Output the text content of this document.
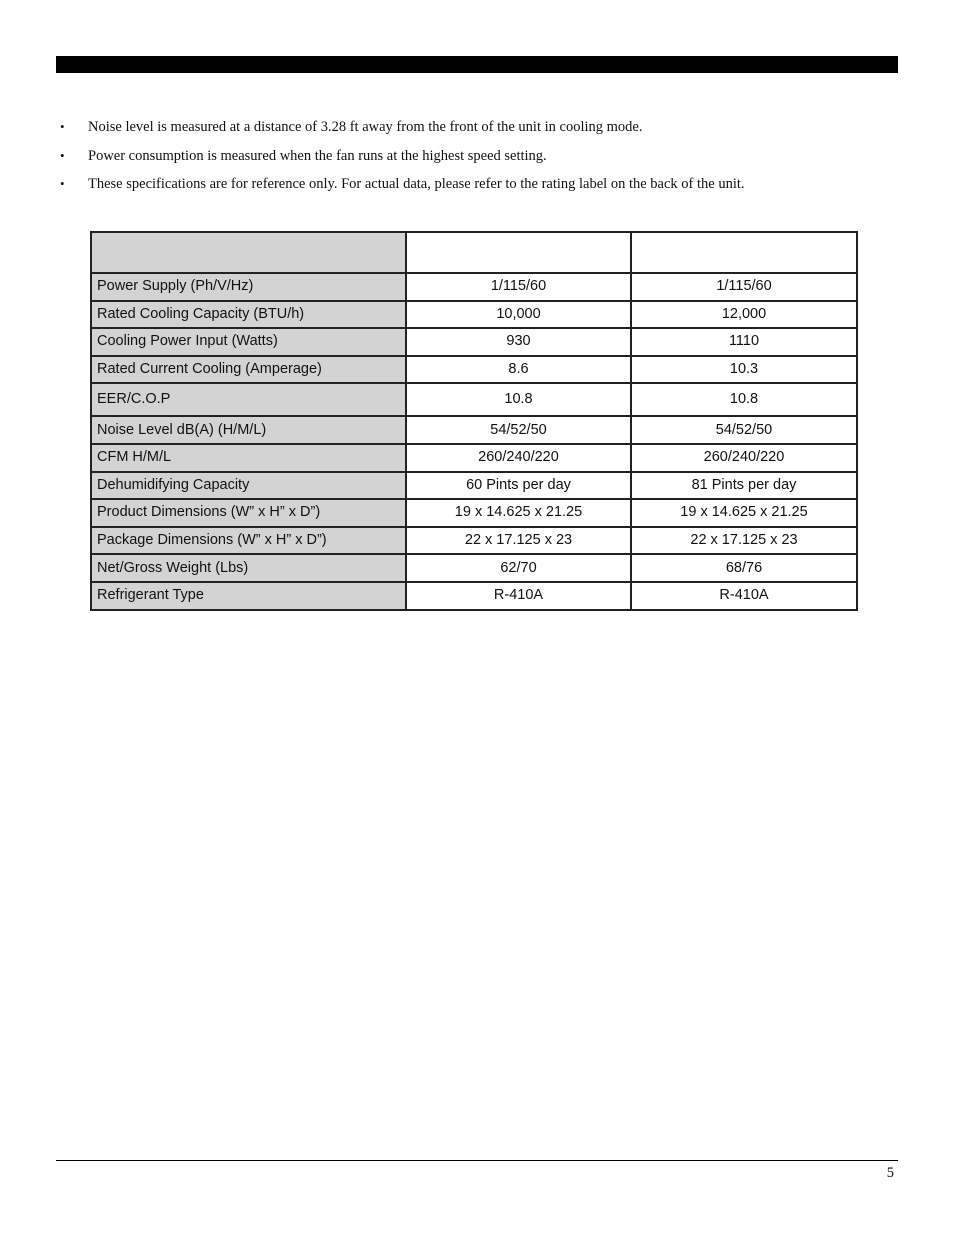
• Noise level is measured at a distance of 3.28 ft away from the front of the unit in cooling mode.
• Power consumption is measured when the fan runs at the highest speed setting.
• These specifications are for reference only. For actual data, please refer to the rating label on the back of the unit.

Power Supply (Ph/V/Hz)	1/115/60	1/115/60
Rated Cooling Capacity (BTU/h)	10,000	12,000
Cooling Power Input (Watts)	930	1110
Rated Current Cooling (Amperage)	8.6	10.3
EER/C.O.P	10.8	10.8
Noise Level dB(A) (H/M/L)	54/52/50	54/52/50
CFM H/M/L	260/240/220	260/240/220
Dehumidifying Capacity	60 Pints per day	81 Pints per day
Product Dimensions (W” x H” x D”)	19 x 14.625 x 21.25	19 x 14.625 x 21.25
Package Dimensions (W” x H” x D”)	22 x 17.125 x 23	22 x 17.125 x 23
Net/Gross Weight (Lbs)	62/70	68/76
Refrigerant Type	R-410A	R-410A
5
